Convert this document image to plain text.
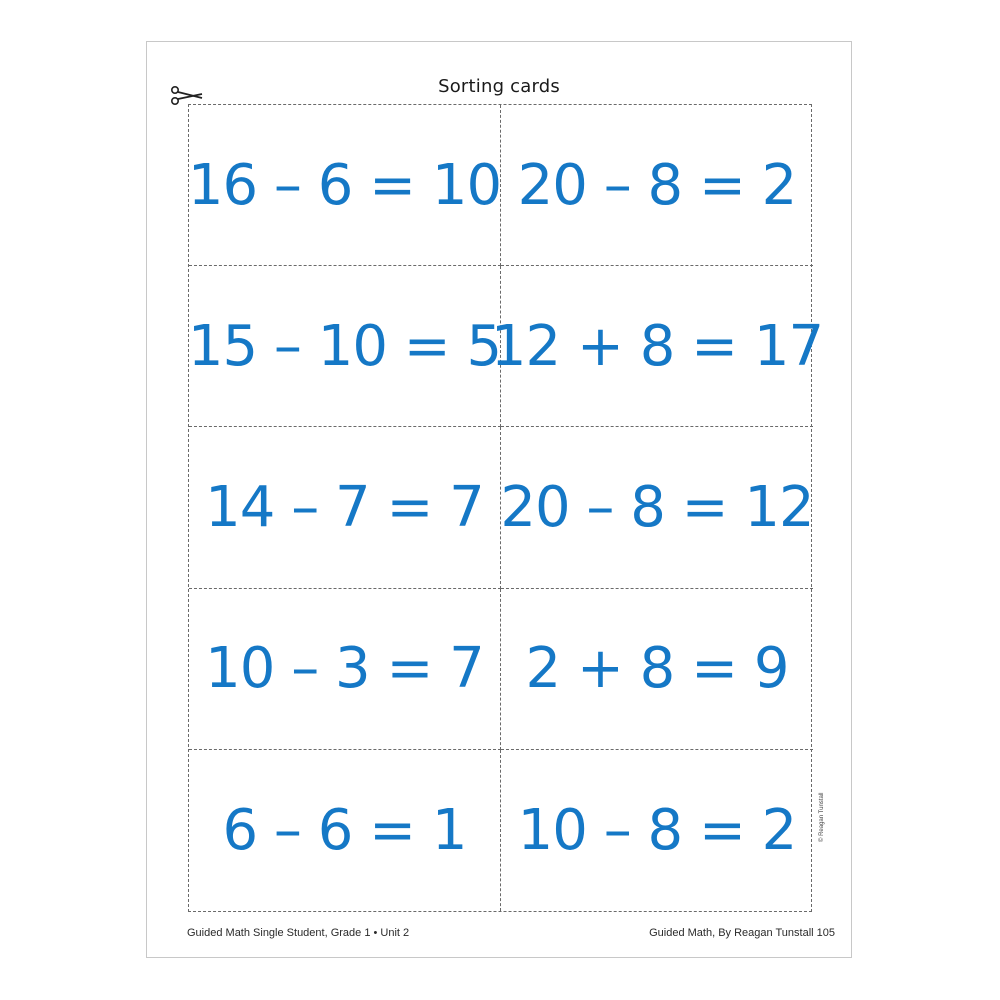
Sorting cards
16 – 6 = 10 20 – 8 = 2
15 – 10 = 5
12 + 8 = 17
14 – 7 = 7 20 – 8 = 12
10 – 3 = 7 2 + 8 = 9
6 – 6 = 1 10 – 8 = 2	© Reagan Tunstall
Guided Math Single Student, Grade 1 • Unit 2	Guided Math, By Reagan Tunstall 105
